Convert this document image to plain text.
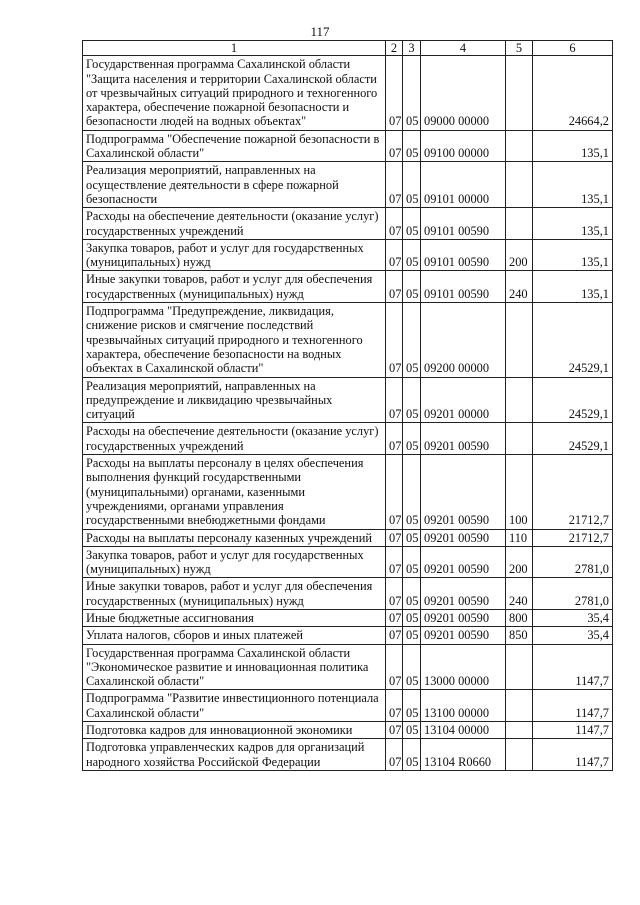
117
1	2	3	4	5	6
Государственная программа Сахалинской области "Защита населения и территории Сахалинской области от чрезвычайных ситуаций природного и техногенного характера, обеспечение пожарной безопасности и безопасности людей на водных объектах"	07	05	09000 00000		24664,2
Подпрограмма "Обеспечение пожарной безопасности в Сахалинской области"	07	05	09100 00000		135,1
Реализация мероприятий, направленных на осуществление деятельности в сфере пожарной безопасности	07	05	09101 00000		135,1
Расходы на обеспечение деятельности (оказание услуг) государственных учреждений	07	05	09101 00590		135,1
Закупка товаров, работ и услуг для государственных (муниципальных) нужд	07	05	09101 00590	200	135,1
Иные закупки товаров, работ и услуг для обеспечения государственных (муниципальных) нужд	07	05	09101 00590	240	135,1
Подпрограмма "Предупреждение, ликвидация, снижение рисков и смягчение последствий чрезвычайных ситуаций природного и техногенного характера, обеспечение безопасности на водных объектах в Сахалинской области"	07	05	09200 00000		24529,1
Реализация мероприятий, направленных на предупреждение и ликвидацию чрезвычайных ситуаций	07	05	09201 00000		24529,1
Расходы на обеспечение деятельности (оказание услуг) государственных учреждений	07	05	09201 00590		24529,1
Расходы на выплаты персоналу в целях обеспечения выполнения функций государственными (муниципальными) органами, казенными учреждениями, органами управления государственными внебюджетными фондами	07	05	09201 00590	100	21712,7
Расходы на выплаты персоналу казенных учреждений	07	05	09201 00590	110	21712,7
Закупка товаров, работ и услуг для государственных (муниципальных) нужд	07	05	09201 00590	200	2781,0
Иные закупки товаров, работ и услуг для обеспечения государственных (муниципальных) нужд	07	05	09201 00590	240	2781,0
Иные бюджетные ассигнования	07	05	09201 00590	800	35,4
Уплата налогов, сборов и иных платежей	07	05	09201 00590	850	35,4
Государственная программа Сахалинской области "Экономическое развитие и инновационная политика Сахалинской области"	07	05	13000 00000		1147,7
Подпрограмма "Развитие инвестиционного потенциала Сахалинской области"	07	05	13100 00000		1147,7
Подготовка кадров для инновационной экономики	07	05	13104 00000		1147,7
Подготовка управленческих кадров для организаций народного хозяйства Российской Федерации	07	05	13104 R0660		1147,7
